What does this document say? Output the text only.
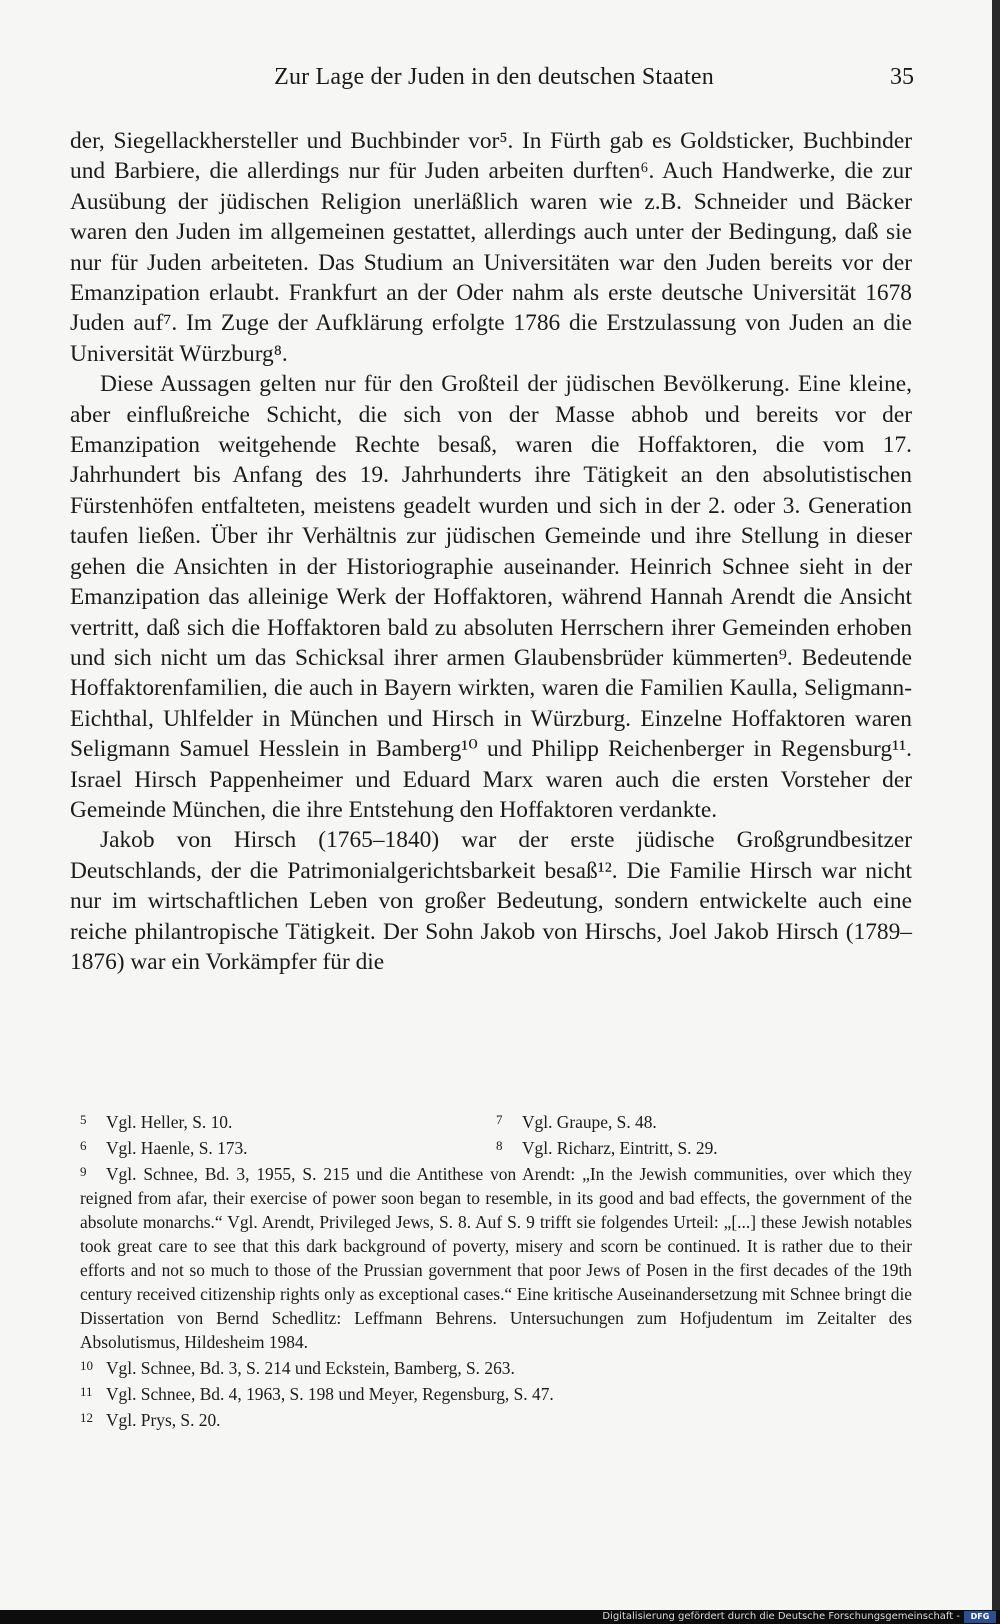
Zur Lage der Juden in den deutschen Staaten	35

der, Siegellackhersteller und Buchbinder vor⁵. In Fürth gab es Goldsticker, Buchbinder und Barbiere, die allerdings nur für Juden arbeiten durften⁶. Auch Handwerke, die zur Ausübung der jüdischen Religion unerläßlich waren wie z.B. Schneider und Bäcker waren den Juden im allgemeinen gestattet, allerdings auch unter der Bedingung, daß sie nur für Juden arbeiteten. Das Studium an Universitäten war den Juden bereits vor der Emanzipation erlaubt. Frankfurt an der Oder nahm als erste deutsche Universität 1678 Juden auf⁷. Im Zuge der Aufklärung erfolgte 1786 die Erstzulassung von Juden an die Universität Würzburg⁸.

Diese Aussagen gelten nur für den Großteil der jüdischen Bevölkerung. Eine kleine, aber einflußreiche Schicht, die sich von der Masse abhob und bereits vor der Emanzipation weitgehende Rechte besaß, waren die Hoffaktoren, die vom 17. Jahrhundert bis Anfang des 19. Jahrhunderts ihre Tätigkeit an den absolutistischen Fürstenhöfen entfalteten, meistens geadelt wurden und sich in der 2. oder 3. Generation taufen ließen. Über ihr Verhältnis zur jüdischen Gemeinde und ihre Stellung in dieser gehen die Ansichten in der Historiographie auseinander. Heinrich Schnee sieht in der Emanzipation das alleinige Werk der Hoffaktoren, während Hannah Arendt die Ansicht vertritt, daß sich die Hoffaktoren bald zu absoluten Herrschern ihrer Gemeinden erhoben und sich nicht um das Schicksal ihrer armen Glaubensbrüder kümmerten⁹. Bedeutende Hoffaktorenfamilien, die auch in Bayern wirkten, waren die Familien Kaulla, Seligmann-Eichthal, Uhlfelder in München und Hirsch in Würzburg. Einzelne Hoffaktoren waren Seligmann Samuel Hesslein in Bamberg¹⁰ und Philipp Reichenberger in Regensburg¹¹. Israel Hirsch Pappenheimer und Eduard Marx waren auch die ersten Vorsteher der Gemeinde München, die ihre Entstehung den Hoffaktoren verdankte.

Jakob von Hirsch (1765–1840) war der erste jüdische Großgrundbesitzer Deutschlands, der die Patrimonialgerichtsbarkeit besaß¹². Die Familie Hirsch war nicht nur im wirtschaftlichen Leben von großer Bedeutung, sondern entwickelte auch eine reiche philantropische Tätigkeit. Der Sohn Jakob von Hirschs, Joel Jakob Hirsch (1789–1876) war ein Vorkämpfer für die

5 Vgl. Heller, S. 10.	7 Vgl. Graupe, S. 48.

6 Vgl. Haenle, S. 173.	8 Vgl. Richarz, Eintritt, S. 29.

9 Vgl. Schnee, Bd. 3, 1955, S. 215 und die Antithese von Arendt: „In the Jewish communities, over which they reigned from afar, their exercise of power soon began to resemble, in its good and bad effects, the government of the absolute monarchs.“ Vgl. Arendt, Privileged Jews, S. 8. Auf S. 9 trifft sie folgendes Urteil: „[...] these Jewish notables took great care to see that this dark background of poverty, misery and scorn be continued. It is rather due to their efforts and not so much to those of the Prussian government that poor Jews of Posen in the first decades of the 19th century received citizenship rights only as exceptional cases.“ Eine kritische Auseinandersetzung mit Schnee bringt die Dissertation von Bernd Schedlitz: Leffmann Behrens. Untersuchungen zum Hofjudentum im Zeitalter des Absolutismus, Hildesheim 1984.

10 Vgl. Schnee, Bd. 3, S. 214 und Eckstein, Bamberg, S. 263.

11 Vgl. Schnee, Bd. 4, 1963, S. 198 und Meyer, Regensburg, S. 47.

12 Vgl. Prys, S. 20.

Digitalisierung gefördert durch die Deutsche Forschungsgemeinschaft -	DFG
